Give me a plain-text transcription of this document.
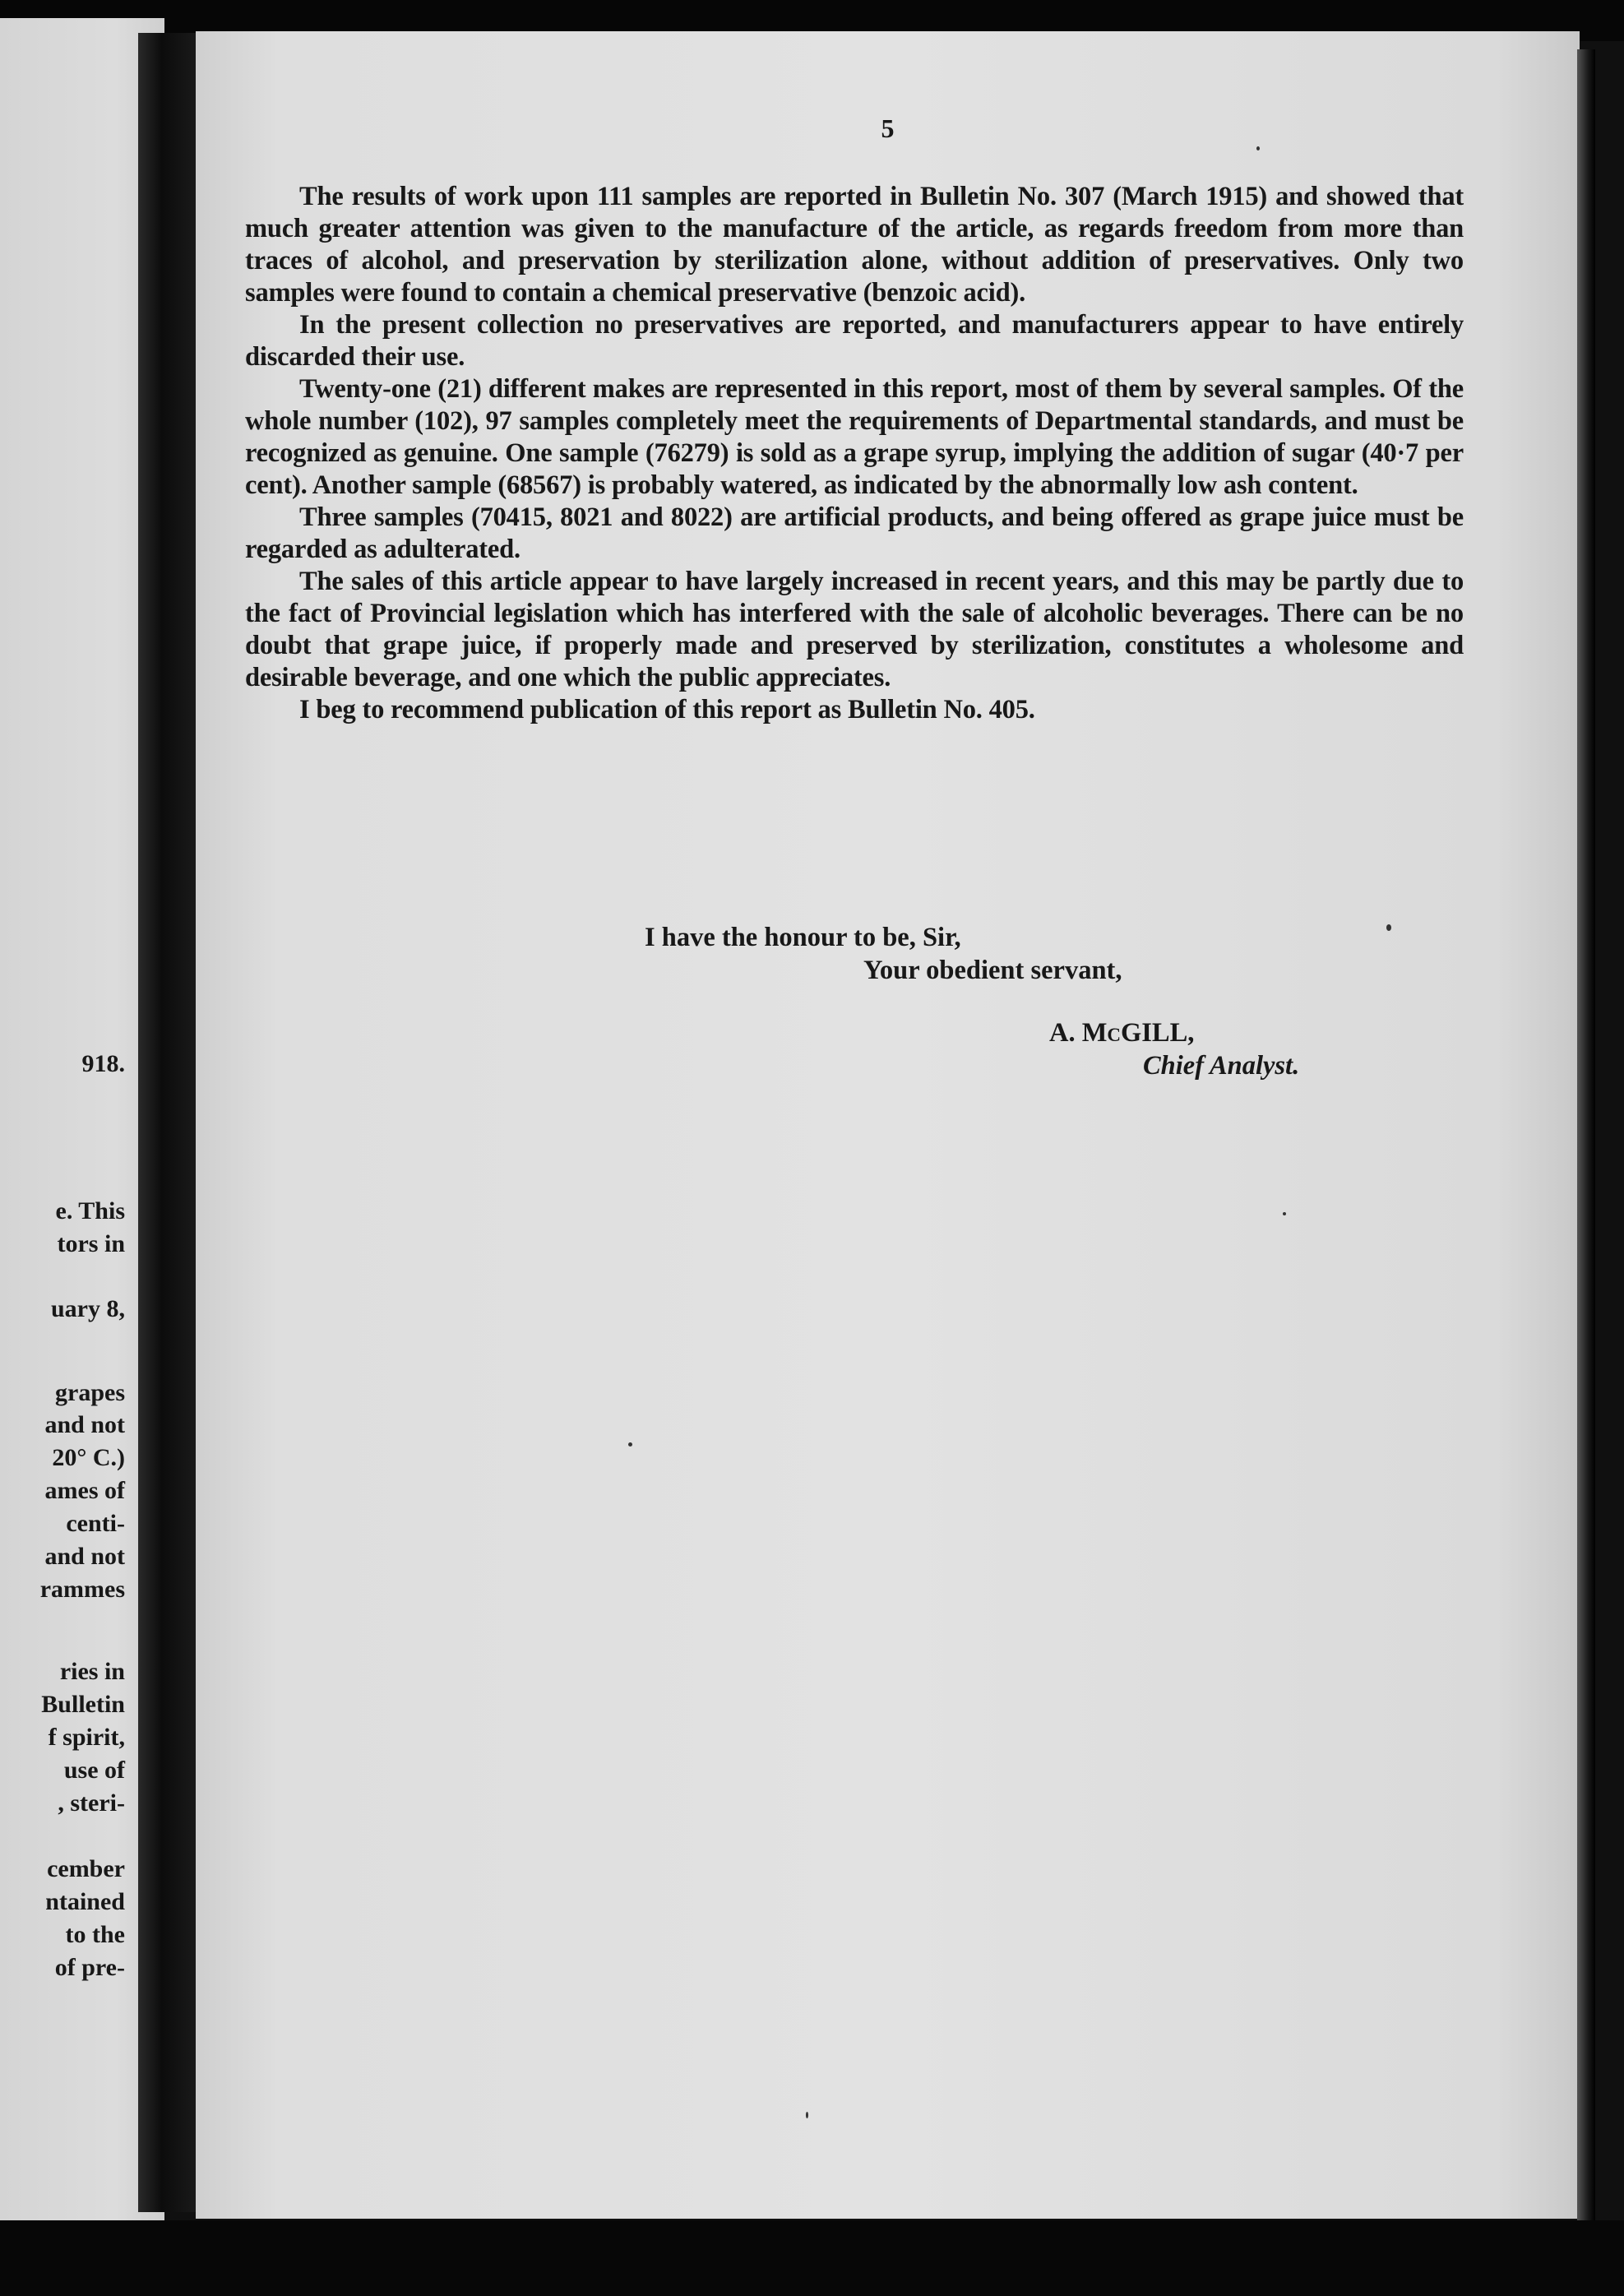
918.
e. This
tors in
uary 8,
grapes
and not
20° C.)
ames of
centi-
and not
rammes
ries in
Bulletin
f spirit,
use of
, steri-
cember
ntained
to the
of pre-
5

The results of work upon 111 samples are reported in Bulletin No. 307 (March 1915) and showed that much greater attention was given to the manufacture of the article, as regards freedom from more than traces of alcohol, and preservation by sterilization alone, without addition of preservatives. Only two samples were found to contain a chemical preservative (benzoic acid).

In the present collection no preservatives are reported, and manufacturers appear to have entirely discarded their use.

Twenty-one (21) different makes are represented in this report, most of them by several samples. Of the whole number (102), 97 samples completely meet the requirements of Departmental standards, and must be recognized as genuine. One sample (76279) is sold as a grape syrup, implying the addition of sugar (40·7 per cent). Another sample (68567) is probably watered, as indicated by the abnormally low ash content.

Three samples (70415, 8021 and 8022) are artificial products, and being offered as grape juice must be regarded as adulterated.

The sales of this article appear to have largely increased in recent years, and this may be partly due to the fact of Provincial legislation which has interfered with the sale of alcoholic beverages. There can be no doubt that grape juice, if properly made and preserved by sterilization, constitutes a wholesome and desirable beverage, and one which the public appreciates.

I beg to recommend publication of this report as Bulletin No. 405.

I have the honour to be, Sir,
Your obedient servant,
A. McGILL,
Chief Analyst.
